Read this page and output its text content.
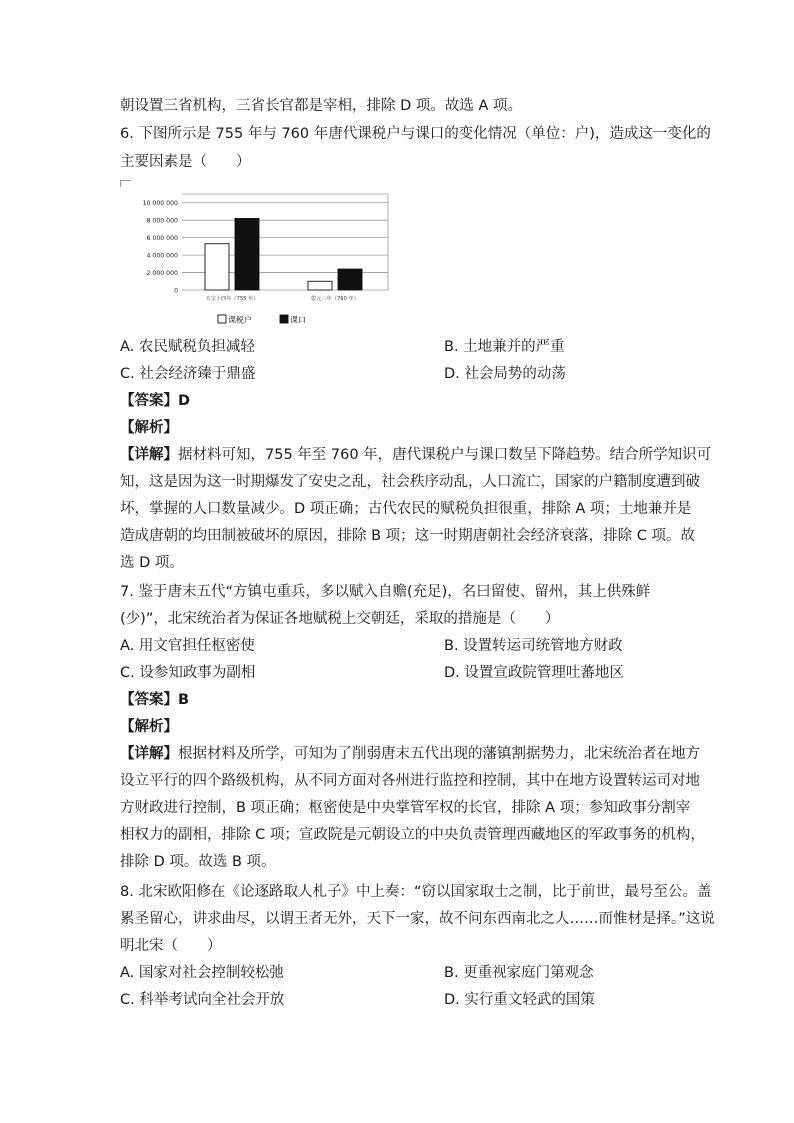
朝设置三省机构，三省长官都是宰相，排除 D 项。故选 A 项。
6. 下图所示是 755 年与 760 年唐代课税户与课口的变化情况（单位：户)，造成这一变化的
主要因素是（　　）
10 000 000
8 000 000
6 000 000
4 000 000
2 000 000
0
天宝十四年（755 年）	乾元三年（760 年）
课税户	课口
A. 农民赋税负担减轻	B. 土地兼并的严重
C. 社会经济臻于鼎盛	D. 社会局势的动荡
【答案】D
【解析】
【详解】据材料可知，755 年至 760 年，唐代课税户与课口数呈下降趋势。结合所学知识可
知，这是因为这一时期爆发了安史之乱，社会秩序动乱，人口流亡，国家的户籍制度遭到破
坏，掌握的人口数量减少。D 项正确；古代农民的赋税负担很重，排除 A 项；土地兼并是
造成唐朝的均田制被破坏的原因，排除 B 项；这一时期唐朝社会经济衰落，排除 C 项。故
选 D 项。
7. 鉴于唐末五代“方镇屯重兵，多以赋入自赡(充足)，名曰留使、留州，其上供殊鲜
(少)”，北宋统治者为保证各地赋税上交朝廷，采取的措施是（　　）
A. 用文官担任枢密使	B. 设置转运司统管地方财政
C. 设参知政事为副相	D. 设置宣政院管理吐蕃地区
【答案】B
【解析】
【详解】根据材料及所学，可知为了削弱唐末五代出现的藩镇割据势力，北宋统治者在地方
设立平行的四个路级机构，从不同方面对各州进行监控和控制，其中在地方设置转运司对地
方财政进行控制，B 项正确；枢密使是中央掌管军权的长官，排除 A 项；参知政事分割宰
相权力的副相，排除 C 项；宣政院是元朝设立的中央负责管理西藏地区的军政事务的机构，
排除 D 项。故选 B 项。
8. 北宋欧阳修在《论逐路取人札子》中上奏：“窃以国家取士之制，比于前世，最号至公。盖
累圣留心，讲求曲尽，以谓王者无外，天下一家，故不问东西南北之人……而惟材是择。”这说
明北宋（　　）
A. 国家对社会控制较松弛	B. 更重视家庭门第观念
C. 科举考试向全社会开放	D. 实行重文轻武的国策
